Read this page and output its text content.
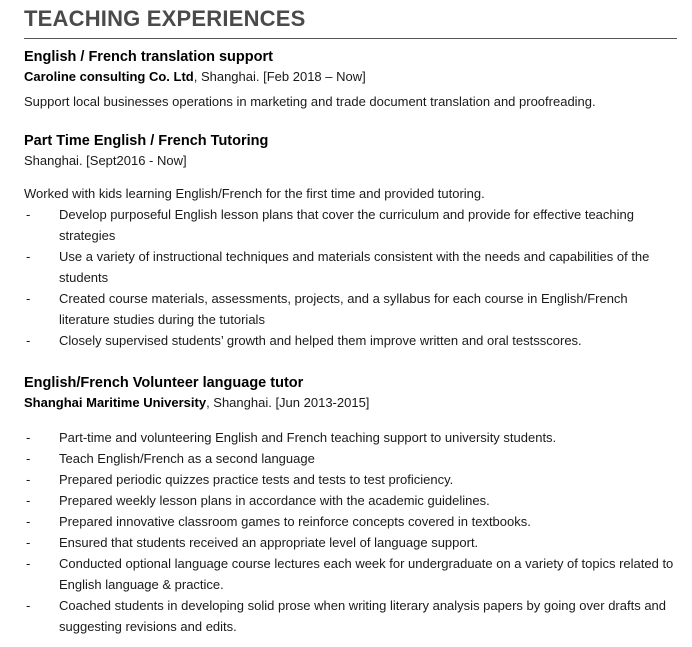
TEACHING EXPERIENCES

English / French translation support

Caroline consulting Co. Ltd, Shanghai. [Feb 2018 – Now]

Support local businesses operations in marketing and trade document translation and proofreading.

Part Time English / French Tutoring

Shanghai. [Sept2016 - Now]

Worked with kids learning English/French for the first time and provided tutoring.

- Develop purposeful English lesson plans that cover the curriculum and provide for effective teaching strategies
- Use a variety of instructional techniques and materials consistent with the needs and capabilities of the students
- Created course materials, assessments, projects, and a syllabus for each course in English/French literature studies during the tutorials
- Closely supervised students’ growth and helped them improve written and oral testsscores.

English/French Volunteer language tutor

Shanghai Maritime University, Shanghai. [Jun 2013-2015]

- Part-time and volunteering English and French teaching support to university students.
- Teach English/French as a second language
- Prepared periodic quizzes practice tests and tests to test proficiency.
- Prepared weekly lesson plans in accordance with the academic guidelines.
- Prepared innovative classroom games to reinforce concepts covered in textbooks.
- Ensured that students received an appropriate level of language support.
- Conducted optional language course lectures each week for undergraduate on a variety of topics related to English language & practice.
- Coached students in developing solid prose when writing literary analysis papers by going over drafts and suggesting revisions and edits.
